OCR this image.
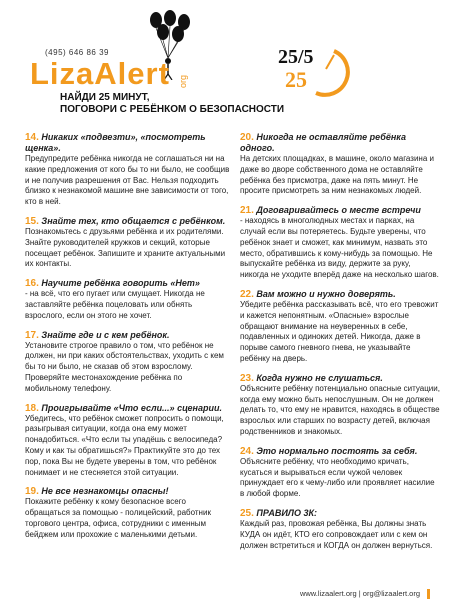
(495) 646 86 39
LizaAlert org
25/5
25
НАЙДИ 25 МИНУТ,
ПОГОВОРИ С РЕБЁНКОМ О БЕЗОПАСНОСТИ
14. Никаких «подвезти», «посмотреть щенка».
Предупредите ребёнка никогда не соглашаться ни на какие предложения от кого бы то ни было, не сообщив и не получив разрешения от Вас. Нельзя подходить близко к незнакомой машине вне зависимости от того, кто в ней.
15. Знайте тех, кто общается с ребёнком.
Познакомьтесь с друзьями ребёнка и их родителями. Знайте руководителей кружков и секций, которые посещает ребёнок. Запишите и храните актуальными их контакты.
16. Научите ребёнка говорить «Нет»
- на всё, что его пугает или смущает. Никогда не заставляйте ребёнка поцеловать или обнять взрослого, если он этого не хочет.
17. Знайте где и с кем ребёнок.
Установите строгое правило о том, что ребёнок не должен, ни при каких обстоятельствах, уходить с кем бы то ни было, не сказав об этом взрослому. Проверяйте местонахождение ребёнка по мобильному телефону.
18. Проигрывайте «Что если...» сценарии.
Убедитесь, что ребёнок сможет попросить о помощи, разыгрывая ситуации, когда она ему может понадобиться. «Что если ты упадёшь с велосипеда? Кому и как ты обратишься?» Практикуйте это до тех пор, пока Вы не будете уверены в том, что ребёнок понимает и не стесняется этой ситуации.
19. Не все незнакомцы опасны!
Покажите ребёнку к кому безопасное всего обращаться за помощью - полицейский, работник торгового центра, офиса, сотрудники с именным бейджем или прохожие с маленькими детьми.
20. Никогда не оставляйте ребёнка одного.
На детских площадках, в машине, около магазина и даже во дворе собственного дома не оставляйте ребёнка без присмотра, даже на пять минут. Не просите присмотреть за ним незнакомых людей.
21. Договаривайтесь о месте встречи
- находясь в многолюдных местах и парках, на случай если вы потеряетесь. Будьте уверены, что ребёнок знает и сможет, как минимум, назвать это место, обратившись к кому-нибудь за помощью. Не выпускайте ребёнка из виду, держите за руку, никогда не уходите вперёд даже на несколько шагов.
22. Вам можно и нужно доверять.
Убедите ребёнка рассказывать всё, что его тревожит и кажется непонятным. «Опасные» взрослые обращают внимание на неуверенных в себе, подавленных и одиноких детей. Никогда, даже в порыве самого гневного гнева, не указывайте ребёнку на дверь.
23. Когда нужно не слушаться.
Объясните ребёнку потенциально опасные ситуации, когда ему можно быть непослушным. Он не должен делать то, что ему не нравится, находясь в обществе взрослых или старших по возрасту детей, включая родственников и знакомых.
24. Это нормально постоять за себя.
Объясните ребёнку, что необходимо кричать, кусаться и вырываться если чужой человек принуждает его к чему-либо или проявляет насилие в любой форме.
25. ПРАВИЛО 3К:
Каждый раз, провожая ребёнка, Вы должны знать КУДА он идёт, КТО его сопровождает или с кем он должен встретиться и КОГДА он должен вернуться.
www.lizaalert.org | org@lizaalert.org
